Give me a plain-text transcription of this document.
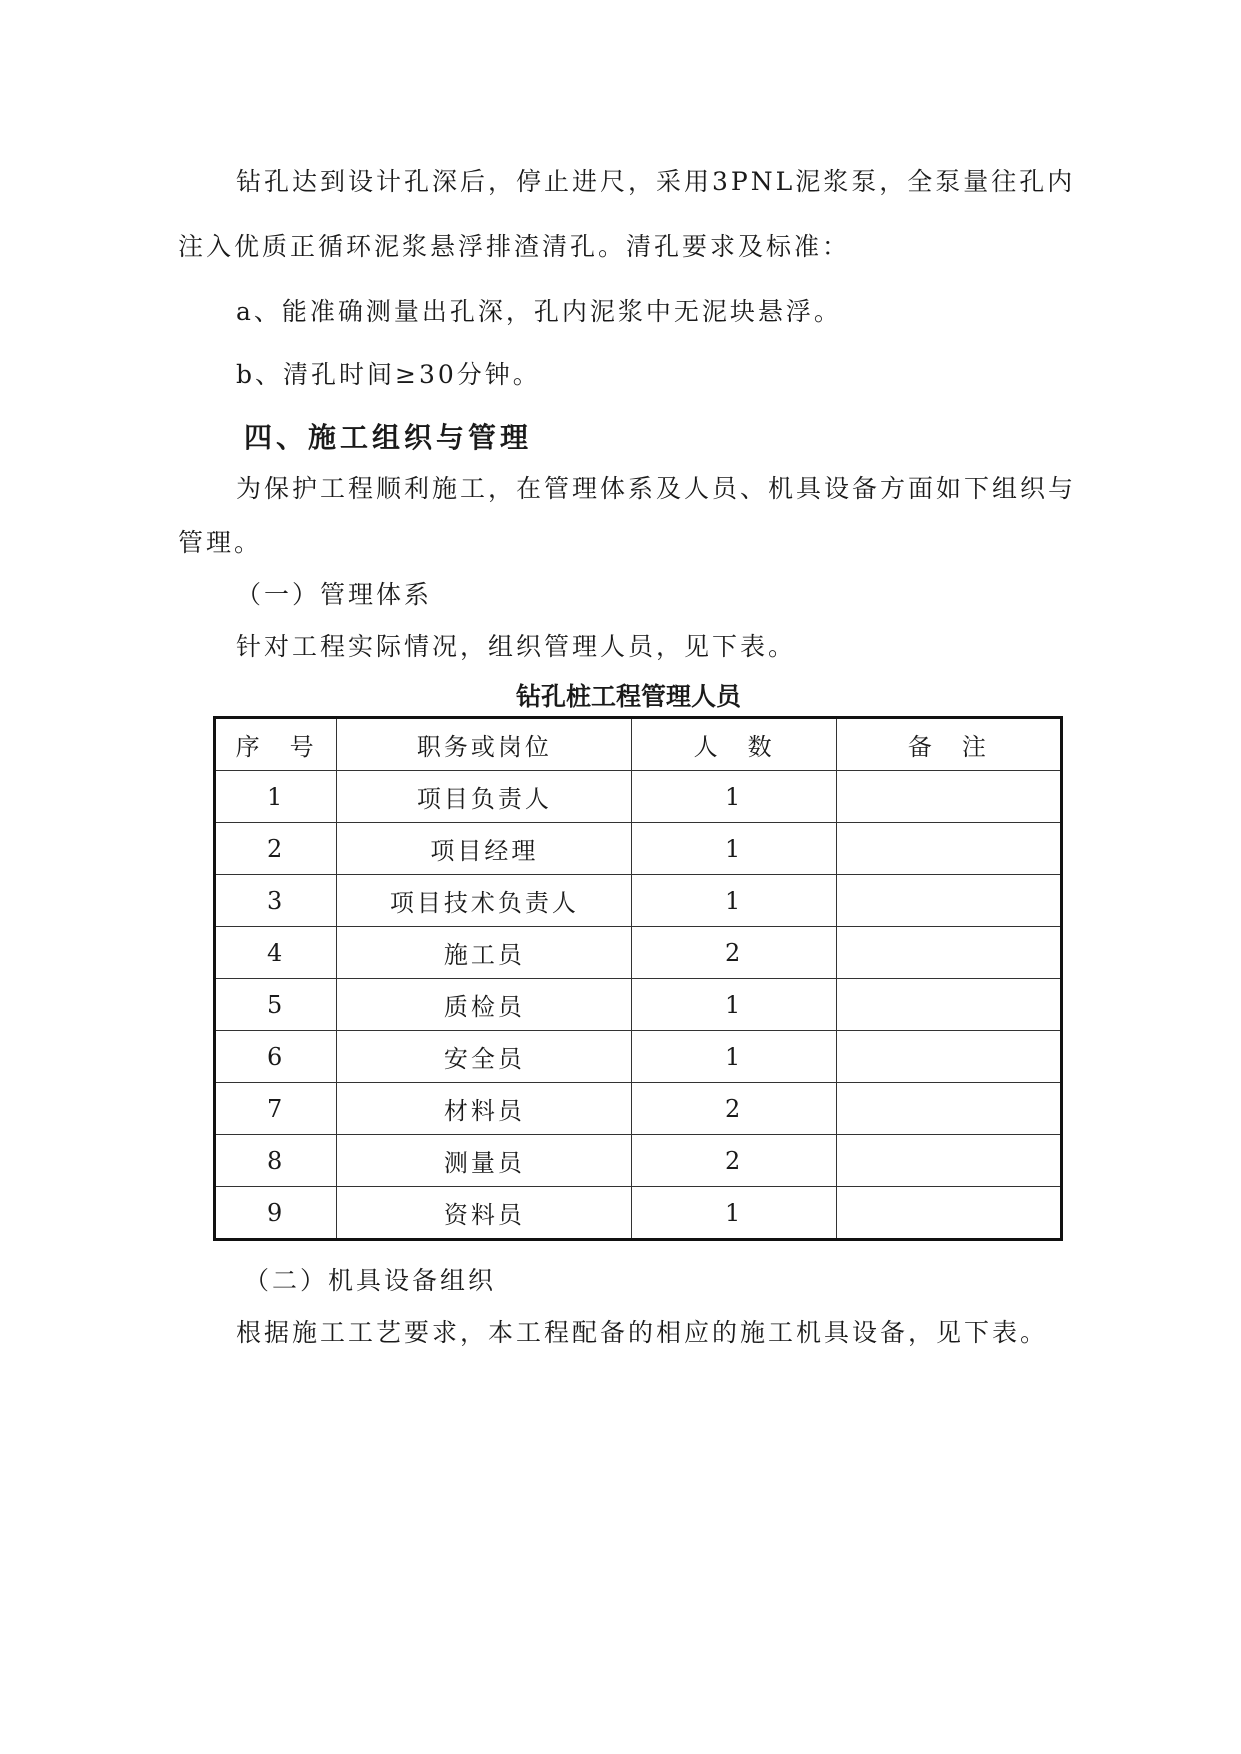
钻孔达到设计孔深后，停止进尺，采用3PNL泥浆泵，全泵量往孔内
注入优质正循环泥浆悬浮排渣清孔。清孔要求及标准：
a、能准确测量出孔深，孔内泥浆中无泥块悬浮。
b、清孔时间≥30分钟。
四、施工组织与管理
为保护工程顺利施工，在管理体系及人员、机具设备方面如下组织与
管理。
（一）管理体系
针对工程实际情况，组织管理人员，见下表。
钻孔桩工程管理人员
序　号	职务或岗位	人　数	备　注
1	项目负责人	1	
2	项目经理	1	
3	项目技术负责人	1	
4	施工员	2	
5	质检员	1	
6	安全员	1	
7	材料员	2	
8	测量员	2	
9	资料员	1	
（二）机具设备组织
根据施工工艺要求，本工程配备的相应的施工机具设备，见下表。
